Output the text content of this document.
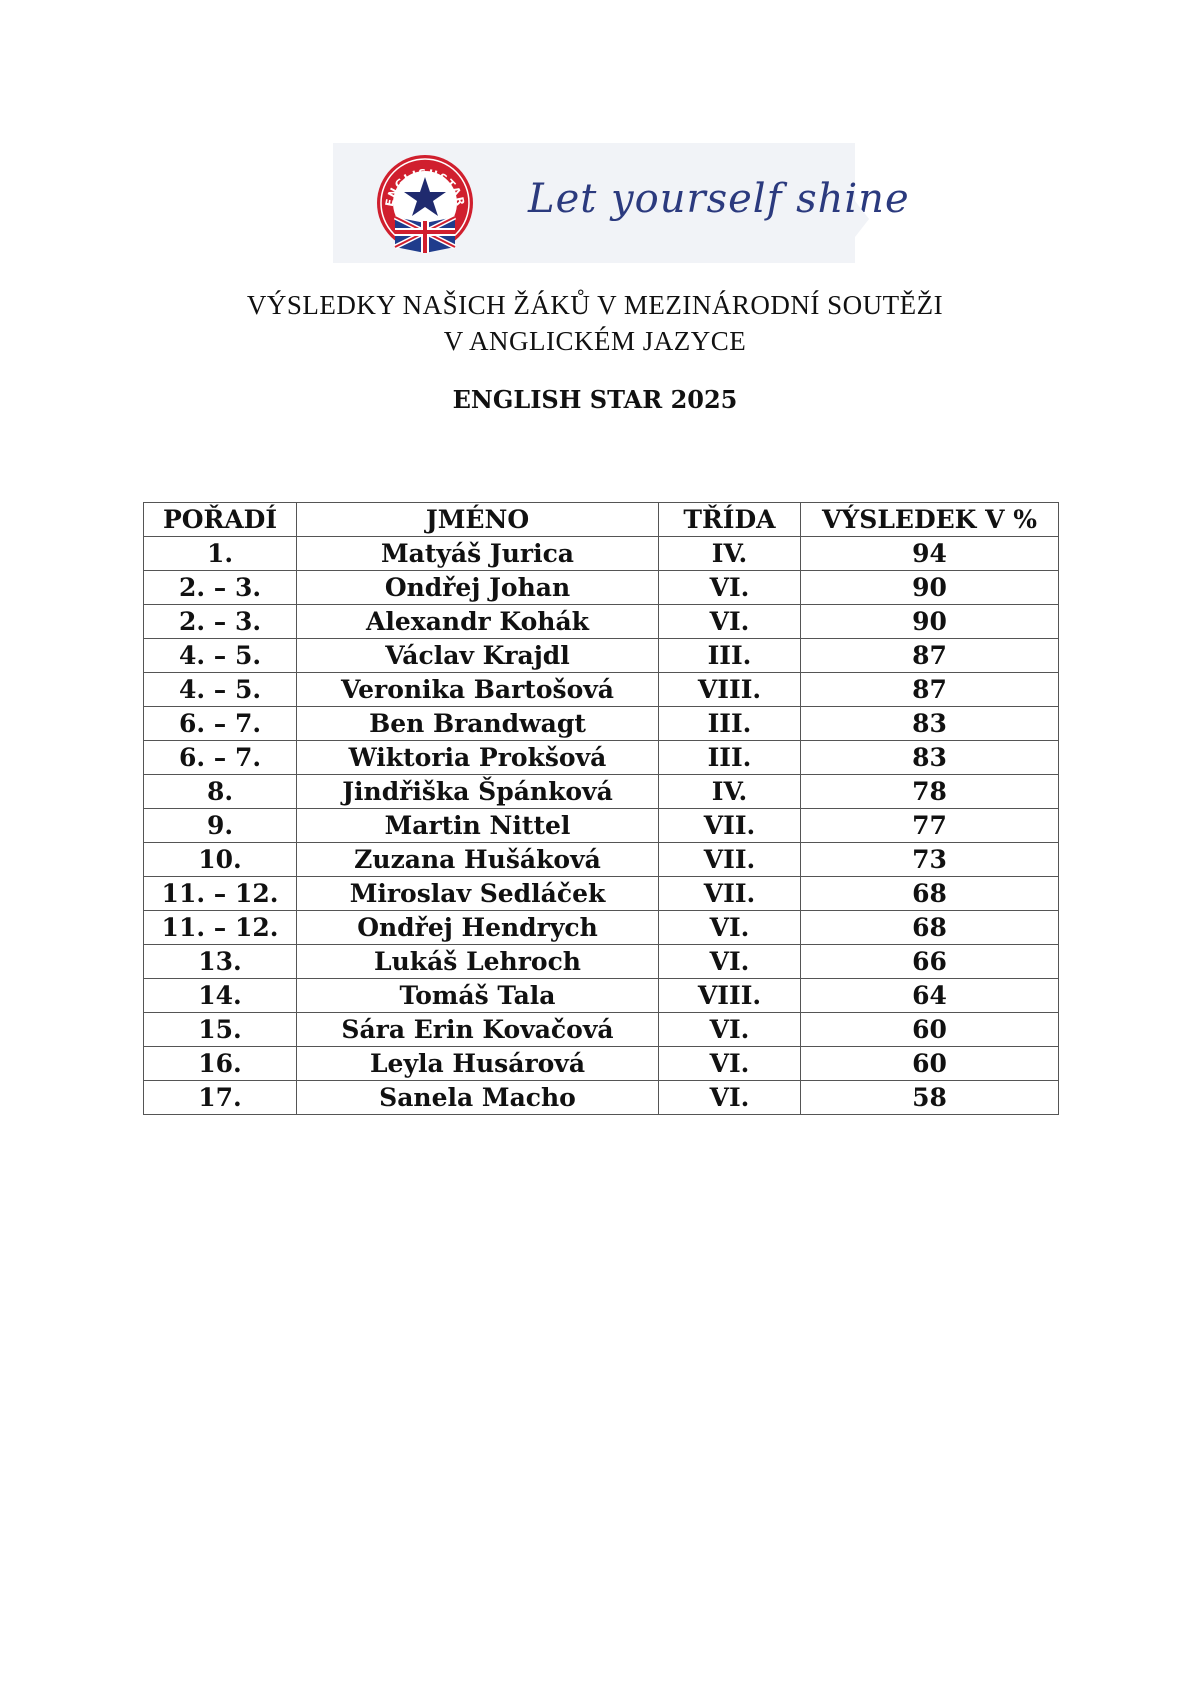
ENGLISHSTAR Let yourself shine
VÝSLEDKY NAŠICH ŽÁKŮ V MEZINÁRODNÍ SOUTĚŽI
V ANGLICKÉM JAZYCE
ENGLISH STAR 2025
POŘADÍ	JMÉNO	TŘÍDA	VÝSLEDEK V %
1.	Matyáš Jurica	IV.	94
2. – 3.	Ondřej Johan	VI.	90
2. – 3.	Alexandr Kohák	VI.	90
4. – 5.	Václav Krajdl	III.	87
4. – 5.	Veronika Bartošová	VIII.	87
6. – 7.	Ben Brandwagt	III.	83
6. – 7.	Wiktoria Prokšová	III.	83
8.	Jindřiška Špánková	IV.	78
9.	Martin Nittel	VII.	77
10.	Zuzana Hušáková	VII.	73
11. – 12.	Miroslav Sedláček	VII.	68
11. – 12.	Ondřej Hendrych	VI.	68
13.	Lukáš Lehroch	VI.	66
14.	Tomáš Tala	VIII.	64
15.	Sára Erin Kovačová	VI.	60
16.	Leyla Husárová	VI.	60
17.	Sanela Macho	VI.	58
